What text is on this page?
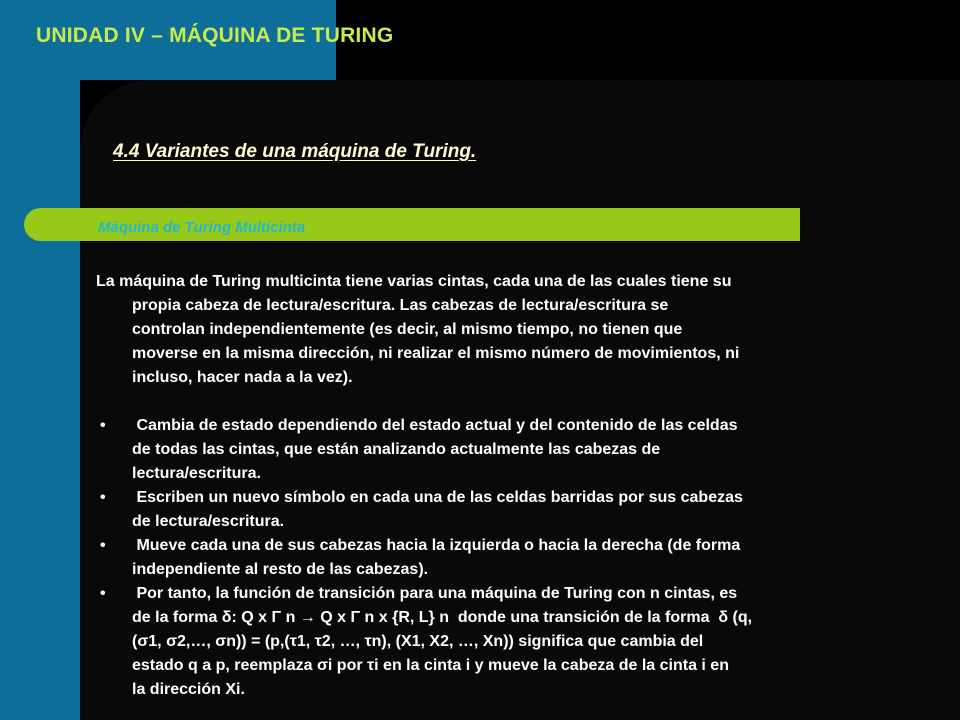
UNIDAD IV – MÁQUINA DE TURING
4.4 Variantes de una máquina de Turing.
Máquina de Turing Multicinta
La máquina de Turing multicinta tiene varias cintas, cada una de las cuales tiene su
propia cabeza de lectura/escritura. Las cabezas de lectura/escritura se
controlan independientemente (es decir, al mismo tiempo, no tienen que
moverse en la misma dirección, ni realizar el mismo número de movimientos, ni
incluso, hacer nada a la vez).
• Cambia de estado dependiendo del estado actual y del contenido de las celdas
de todas las cintas, que están analizando actualmente las cabezas de
lectura/escritura.
• Escriben un nuevo símbolo en cada una de las celdas barridas por sus cabezas
de lectura/escritura.
• Mueve cada una de sus cabezas hacia la izquierda o hacia la derecha (de forma
independiente al resto de las cabezas).
• Por tanto, la función de transición para una máquina de Turing con n cintas, es
de la forma δ: Q x Γ n → Q x Γ n x {R, L} n  donde una transición de la forma  δ (q,
(σ1, σ2,…, σn)) = (p,(τ1, τ2, …, τn), (X1, X2, …, Xn)) significa que cambia del
estado q a p, reemplaza σi por τi en la cinta i y mueve la cabeza de la cinta i en
la dirección Xi.
